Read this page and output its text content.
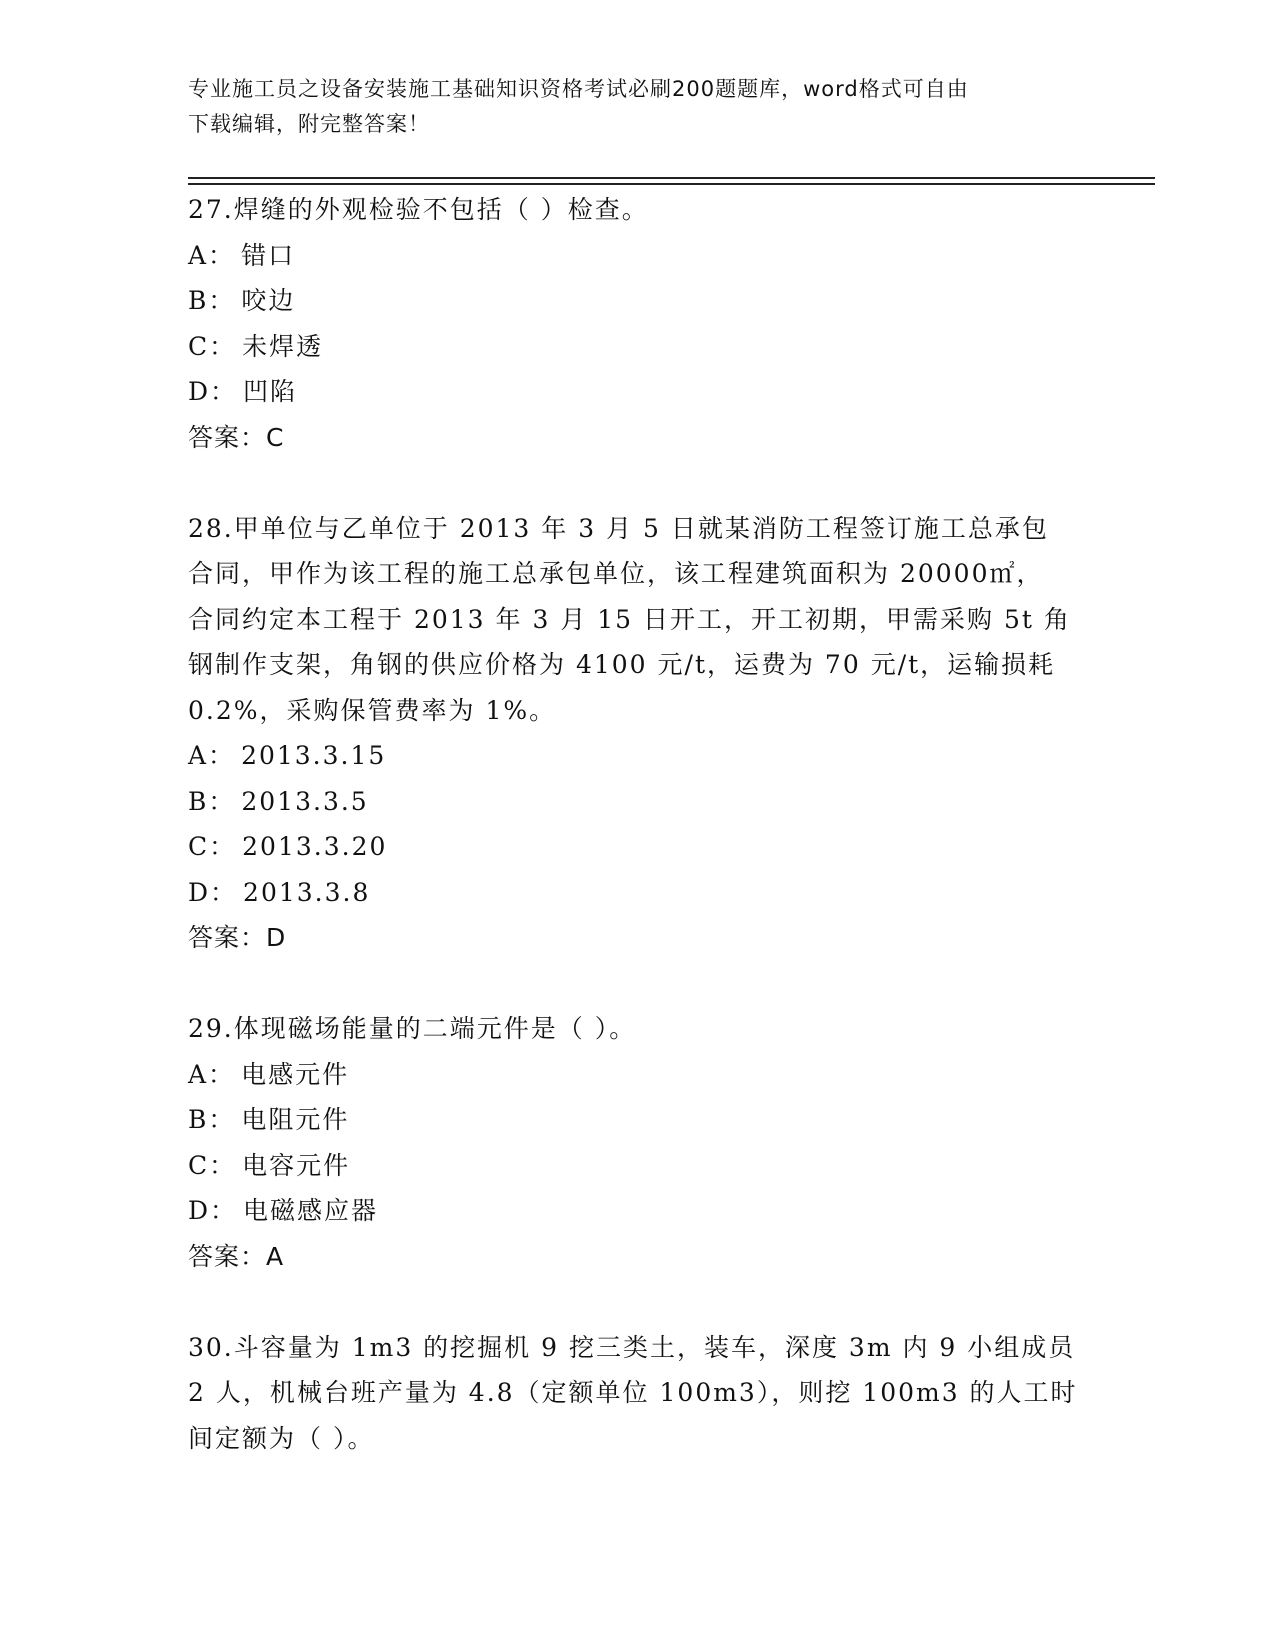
专业施工员之设备安装施工基础知识资格考试必刷200题题库，word格式可自由
下载编辑，附完整答案！

27.焊缝的外观检验不包括（ ）检查。

A： 错口

B： 咬边

C： 未焊透

D： 凹陷

答案：C

28.甲单位与乙单位于 2013 年 3 月 5 日就某消防工程签订施工总承包

合同，甲作为该工程的施工总承包单位，该工程建筑面积为 20000㎡，

合同约定本工程于 2013 年 3 月 15 日开工，开工初期，甲需采购 5t 角

钢制作支架，角钢的供应价格为 4100 元/t，运费为 70 元/t，运输损耗

0.2%，采购保管费率为 1%。

A： 2013.3.15

B： 2013.3.5

C： 2013.3.20

D： 2013.3.8

答案：D

29.体现磁场能量的二端元件是（ ）。

A： 电感元件

B： 电阻元件

C： 电容元件

D： 电磁感应器

答案：A

30.斗容量为 1m3 的挖掘机 9 挖三类土，装车，深度 3m 内 9 小组成员

2 人，机械台班产量为 4.8（定额单位 100m3），则挖 100m3 的人工时

间定额为（ ）。
